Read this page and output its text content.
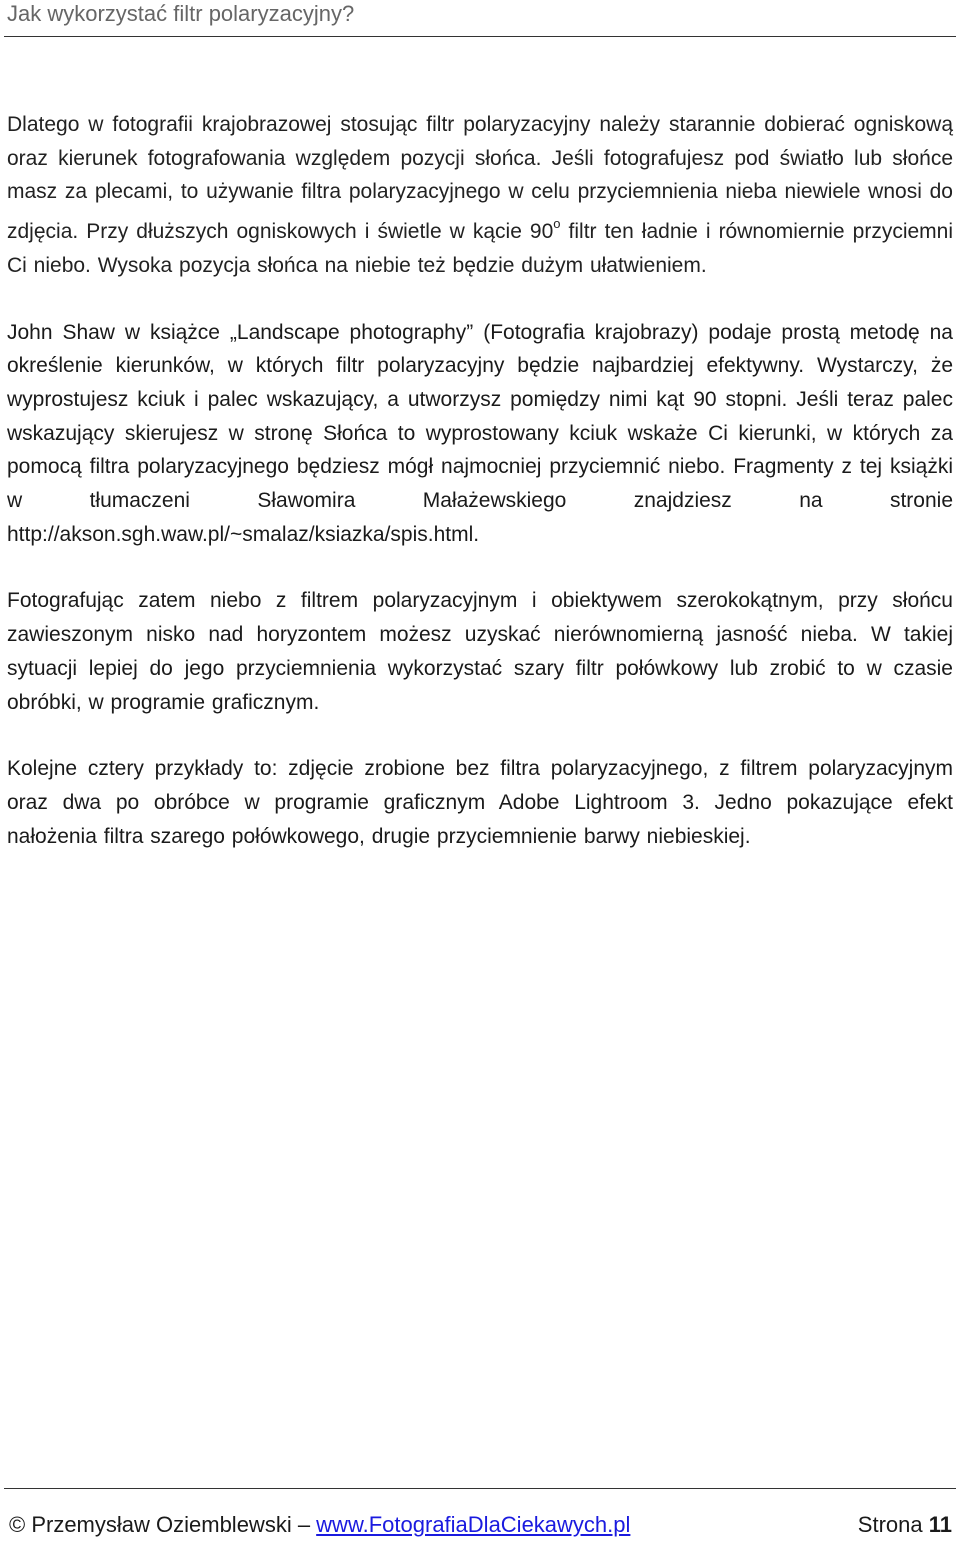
Jak wykorzystać filtr polaryzacyjny?

Dlatego w fotografii krajobrazowej stosując filtr polaryzacyjny należy starannie dobierać ogniskową oraz kierunek fotografowania względem pozycji słońca. Jeśli fotografujesz pod światło lub słońce masz za plecami, to używanie filtra polaryzacyjnego w celu przyciemnienia nieba niewiele wnosi do zdjęcia. Przy dłuższych ogniskowych i świetle w kącie 90$^o$ filtr ten ładnie i równomiernie przyciemni Ci niebo. Wysoka pozycja słońca na niebie też będzie dużym ułatwieniem.

John Shaw w książce „Landscape photography” (Fotografia krajobrazy) podaje prostą metodę na określenie kierunków, w których filtr polaryzacyjny będzie najbardziej efektywny. Wystarczy, że wyprostujesz kciuk i palec wskazujący, a utworzysz pomiędzy nimi kąt 90 stopni. Jeśli teraz palec wskazujący skierujesz w stronę Słońca to wyprostowany kciuk wskaże Ci kierunki, w których za pomocą filtra polaryzacyjnego będziesz mógł najmocniej przyciemnić niebo. Fragmenty z tej książki w tłumaczeni Sławomira Małażewskiego znajdziesz na stronie http://akson.sgh.waw.pl/~smalaz/ksiazka/spis.html.

Fotografując zatem niebo z filtrem polaryzacyjnym i obiektywem szerokokątnym, przy słońcu zawieszonym nisko nad horyzontem możesz uzyskać nierównomierną jasność nieba. W takiej sytuacji lepiej do jego przyciemnienia wykorzystać szary filtr połówkowy lub zrobić to w czasie obróbki, w programie graficznym.

Kolejne cztery przykłady to: zdjęcie zrobione bez filtra polaryzacyjnego, z filtrem polaryzacyjnym oraz dwa po obróbce w programie graficznym Adobe Lightroom 3. Jedno pokazujące efekt nałożenia filtra szarego połówkowego, drugie przyciemnienie barwy niebieskiej.

© Przemysław Oziemblewski – www.FotografiaDlaCiekawych.pl	Strona 11
